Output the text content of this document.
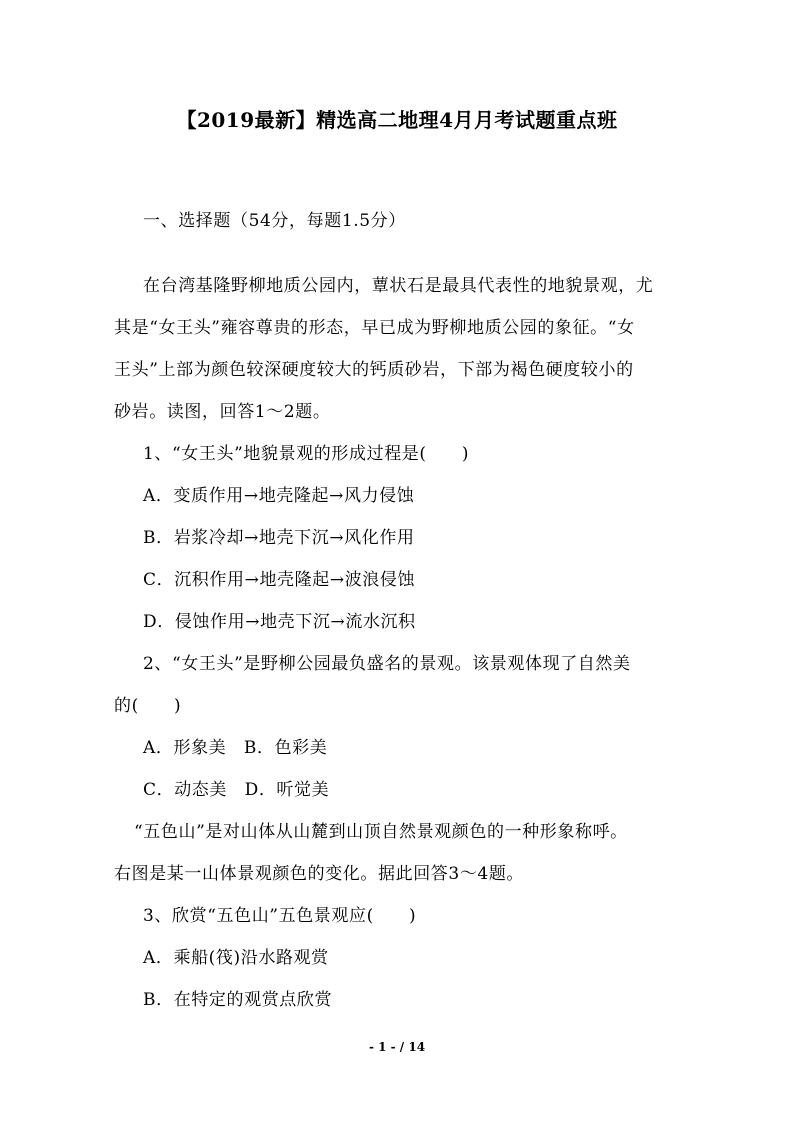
【2019最新】精选高二地理4月月考试题重点班
一、选择题（54分，每题1.5分）
在台湾基隆野柳地质公园内，蕈状石是最具代表性的地貌景观，尤
其是“女王头”雍容尊贵的形态，早已成为野柳地质公园的象征。“女
王头”上部为颜色较深硬度较大的钙质砂岩，下部为褐色硬度较小的
砂岩。读图，回答1～2题。
1、“女王头”地貌景观的形成过程是(　　)
A．变质作用→地壳隆起→风力侵蚀
B．岩浆冷却→地壳下沉→风化作用
C．沉积作用→地壳隆起→波浪侵蚀
D．侵蚀作用→地壳下沉→流水沉积
2、“女王头”是野柳公园最负盛名的景观。该景观体现了自然美
的(　　)
A．形象美　B．色彩美
C．动态美　D．听觉美
“五色山”是对山体从山麓到山顶自然景观颜色的一种形象称呼。
右图是某一山体景观颜色的变化。据此回答3～4题。
3、欣赏“五色山”五色景观应(　　)
A．乘船(筏)沿水路观赏
B．在特定的观赏点欣赏
- 1 - / 14
